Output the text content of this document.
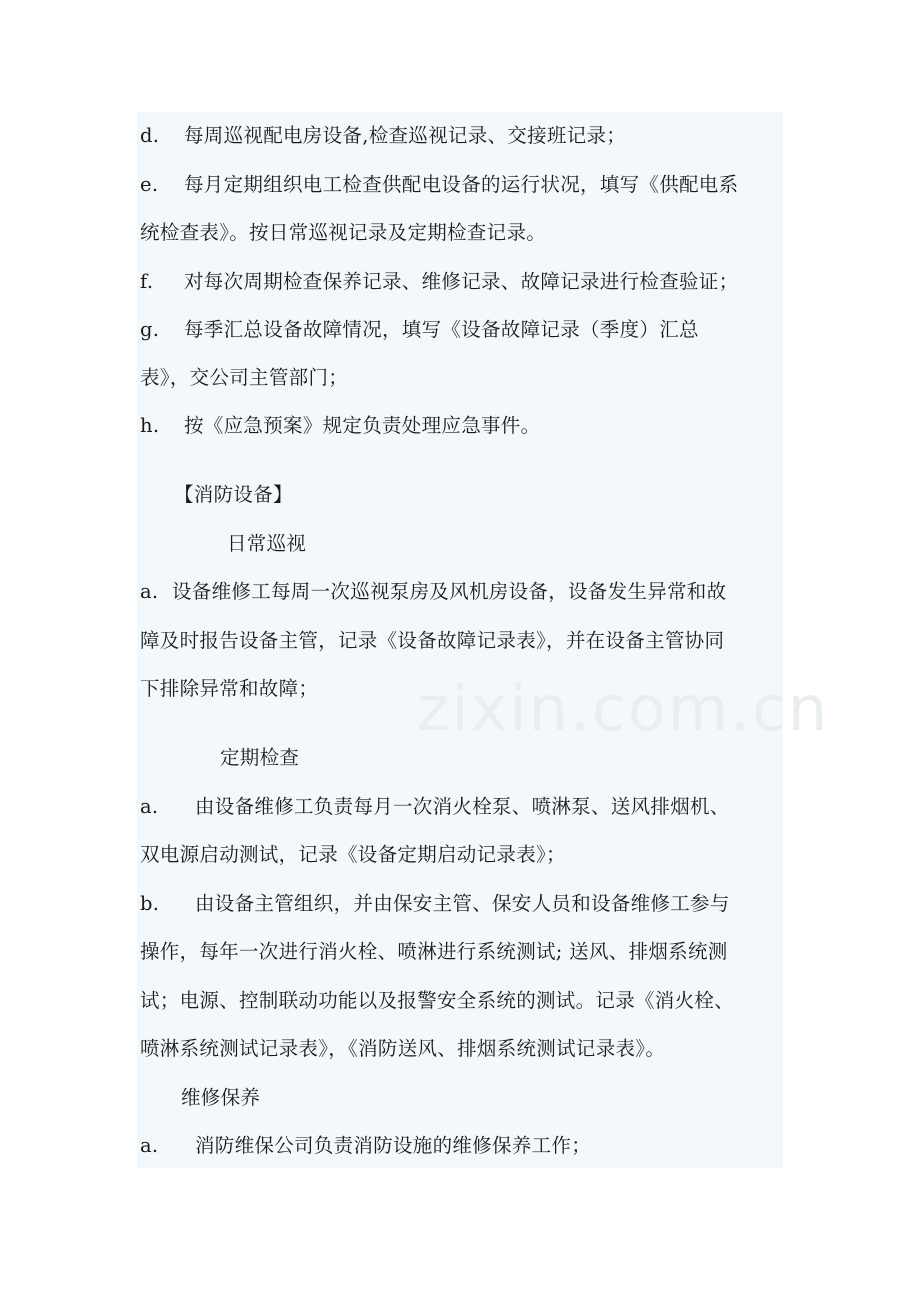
zixin.com.cn
d. 每周巡视配电房设备,检查巡视记录、交接班记录；
e. 每月定期组织电工检查供配电设备的运行状况，填写《供配电系
统检查表》。按日常巡视记录及定期检查记录。
f. 对每次周期检查保养记录、维修记录、故障记录进行检查验证；
g. 每季汇总设备故障情况，填写《设备故障记录（季度）汇总
表》，交公司主管部门；
h. 按《应急预案》规定负责处理应急事件。
【消防设备】
日常巡视
a. 设备维修工每周一次巡视泵房及风机房设备，设备发生异常和故
障及时报告设备主管，记录《设备故障记录表》，并在设备主管协同
下排除异常和故障；
定期检查
a. 由设备维修工负责每月一次消火栓泵、喷淋泵、送风排烟机、
双电源启动测试，记录《设备定期启动记录表》；
b. 由设备主管组织，并由保安主管、保安人员和设备维修工参与
操作，每年一次进行消火栓、喷淋进行系统测试; 送风、排烟系统测
试；电源、控制联动功能以及报警安全系统的测试。记录《消火栓、
喷淋系统测试记录表》，《消防送风、排烟系统测试记录表》。
维修保养
a. 消防维保公司负责消防设施的维修保养工作；
